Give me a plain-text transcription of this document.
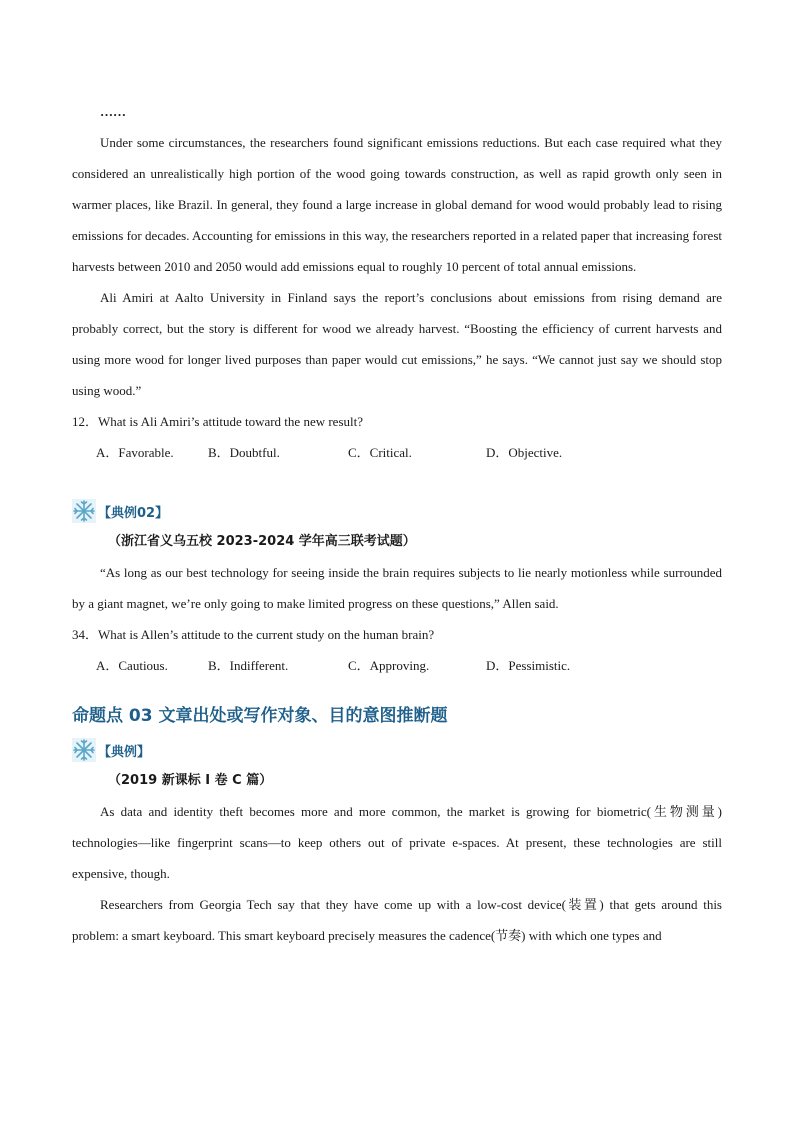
……

Under some circumstances, the researchers found significant emissions reductions. But each case required what they considered an unrealistically high portion of the wood going towards construction, as well as rapid growth only seen in warmer places, like Brazil. In general, they found a large increase in global demand for wood would probably lead to rising emissions for decades. Accounting for emissions in this way, the researchers reported in a related paper that increasing forest harvests between 2010 and 2050 would add emissions equal to roughly 10 percent of total annual emissions.

Ali Amiri at Aalto University in Finland says the report’s conclusions about emissions from rising demand are probably correct, but the story is different for wood we already harvest. “Boosting the efficiency of current harvests and using more wood for longer lived purposes than paper would cut emissions,” he says. “We cannot just say we should stop using wood.”

12．What is Ali Amiri’s attitude toward the new result?

A．Favorable.	B．Doubtful.	C．Critical.	D．Objective.
【典例02】

（浙江省义乌五校 2023-2024 学年高三联考试题）

“As long as our best technology for seeing inside the brain requires subjects to lie nearly motionless while surrounded by a giant magnet, we’re only going to make limited progress on these questions,” Allen said.

34．What is Allen’s attitude to the current study on the human brain?

A．Cautious.	B．Indifferent.	C．Approving.	D．Pessimistic.
命题点 03 文章出处或写作对象、目的意图推断题
【典例】

（2019 新课标 I 卷 C 篇）

As data and identity theft becomes more and more common, the market is growing for biometric(生物测量) technologies—like fingerprint scans—to keep others out of private e-spaces. At present, these technologies are still expensive, though.

Researchers from Georgia Tech say that they have come up with a low-cost device(装置) that gets around this problem: a smart keyboard. This smart keyboard precisely measures the cadence(节奏) with which one types and
